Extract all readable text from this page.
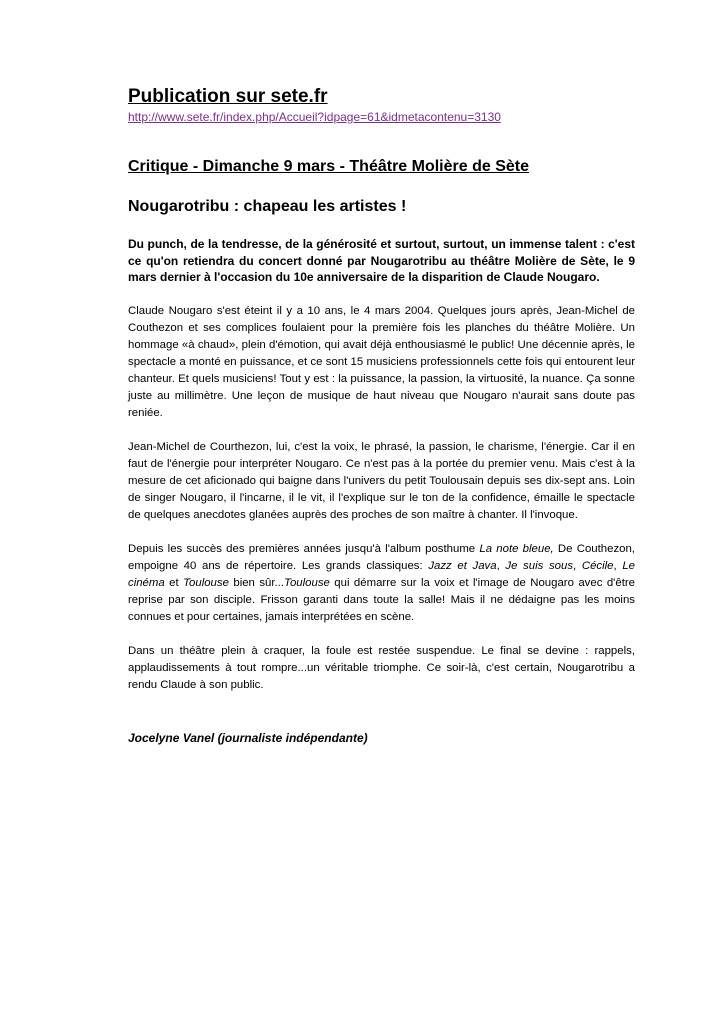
Publication sur sete.fr
http://www.sete.fr/index.php/Accueil?idpage=61&idmetacontenu=3130
Critique - Dimanche 9 mars - Théâtre Molière de Sète
Nougarotribu : chapeau les artistes !

Du punch, de la tendresse, de la générosité et surtout, surtout, un immense talent : c'est ce qu'on retiendra du concert donné par Nougarotribu au théâtre Molière de Sète, le 9 mars dernier à l'occasion du 10e anniversaire de la disparition de Claude Nougaro.

Claude Nougaro s'est éteint il y a 10 ans, le 4 mars 2004. Quelques jours après, Jean-Michel de Couthezon et ses complices foulaient pour la première fois les planches du théâtre Molière. Un hommage «à chaud», plein d'émotion, qui avait déjà enthousiasmé le public! Une décennie après, le spectacle a monté en puissance, et ce sont 15 musiciens professionnels cette fois qui entourent leur chanteur. Et quels musiciens! Tout y est : la puissance, la passion, la virtuosité, la nuance. Ça sonne juste au millimètre. Une leçon de musique de haut niveau que Nougaro n'aurait sans doute pas reniée.

Jean-Michel de Courthezon, lui, c'est la voix, le phrasé, la passion, le charisme, l'énergie. Car il en faut de l'énergie pour interpréter Nougaro. Ce n'est pas à la portée du premier venu. Mais c'est à la mesure de cet aficionado qui baigne dans l'univers du petit Toulousain depuis ses dix-sept ans. Loin de singer Nougaro, il l'incarne, il le vit, il l'explique sur le ton de la confidence, émaille le spectacle de quelques anecdotes glanées auprès des proches de son maître à chanter. Il l'invoque.

Depuis les succès des premières années jusqu'à l'album posthume La note bleue, De Couthezon, empoigne 40 ans de répertoire. Les grands classiques: Jazz et Java, Je suis sous, Cécile, Le cinéma et Toulouse bien sûr...Toulouse qui démarre sur la voix et l'image de Nougaro avec d'être reprise par son disciple. Frisson garanti dans toute la salle! Mais il ne dédaigne pas les moins connues et pour certaines, jamais interprétées en scène.

Dans un théâtre plein à craquer, la foule est restée suspendue. Le final se devine : rappels, applaudissements à tout rompre...un véritable triomphe. Ce soir-là, c'est certain, Nougarotribu a rendu Claude à son public.

Jocelyne Vanel (journaliste indépendante)
